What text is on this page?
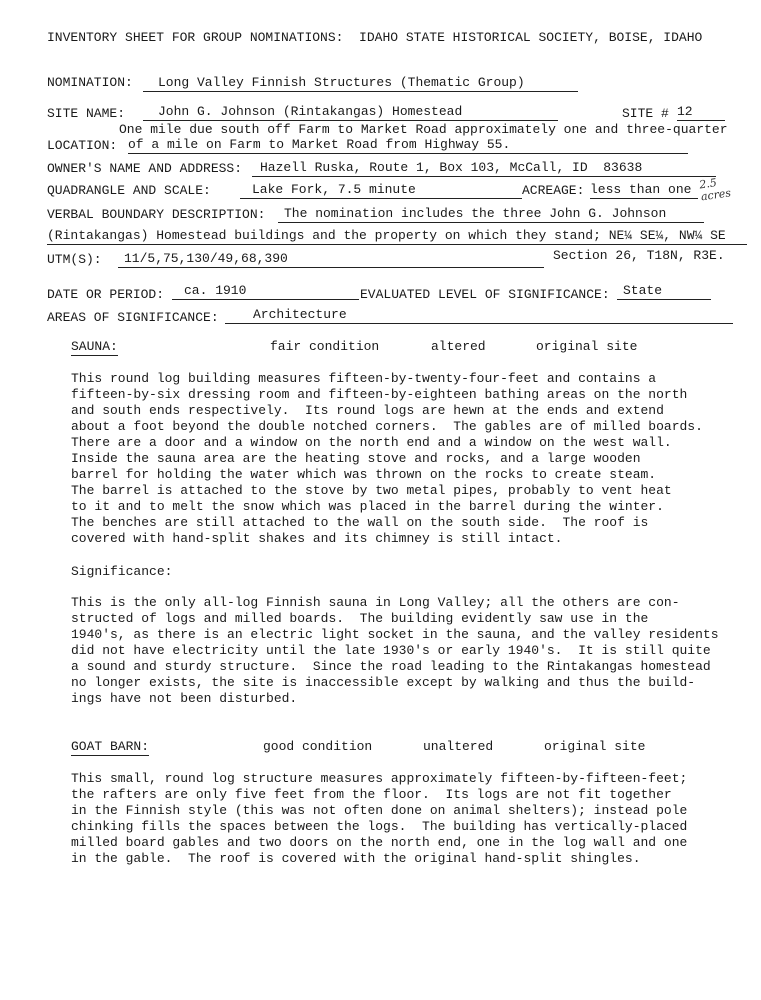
INVENTORY SHEET FOR GROUP NOMINATIONS:  IDAHO STATE HISTORICAL SOCIETY, BOISE, IDAHO
NOMINATION:	Long Valley Finnish Structures (Thematic Group)
SITE NAME:	John G. Johnson (Rintakangas) Homestead	SITE # 12
One mile due south off Farm to Market Road approximately one and three-quarter
LOCATION: of a mile on Farm to Market Road from Highway 55.
OWNER'S NAME AND ADDRESS:	Hazell Ruska, Route 1, Box 103, McCall, ID  83638
QUADRANGLE AND SCALE:	Lake Fork, 7.5 minute	ACREAGE: less than one 2.5 acres
VERBAL BOUNDARY DESCRIPTION:	The nomination includes the three John G. Johnson
(Rintakangas) Homestead buildings and the property on which they stand; NE¼ SE¼, NW¼ SE
UTM(S):	11/5,75,130/49,68,390	Section 26, T18N, R3E.
DATE OR PERIOD:	ca. 1910	EVALUATED LEVEL OF SIGNIFICANCE:	State
AREAS OF SIGNIFICANCE:	Architecture
SAUNA:	fair condition	altered	original site
This round log building measures fifteen-by-twenty-four-feet and contains a
fifteen-by-six dressing room and fifteen-by-eighteen bathing areas on the north
and south ends respectively.  Its round logs are hewn at the ends and extend
about a foot beyond the double notched corners.  The gables are of milled boards.
There are a door and a window on the north end and a window on the west wall.
Inside the sauna area are the heating stove and rocks, and a large wooden
barrel for holding the water which was thrown on the rocks to create steam.
The barrel is attached to the stove by two metal pipes, probably to vent heat
to it and to melt the snow which was placed in the barrel during the winter.
The benches are still attached to the wall on the south side.  The roof is
covered with hand-split shakes and its chimney is still intact.
Significance:
This is the only all-log Finnish sauna in Long Valley; all the others are con-
structed of logs and milled boards.  The building evidently saw use in the
1940's, as there is an electric light socket in the sauna, and the valley residents
did not have electricity until the late 1930's or early 1940's.  It is still quite
a sound and sturdy structure.  Since the road leading to the Rintakangas homestead
no longer exists, the site is inaccessible except by walking and thus the build-
ings have not been disturbed.
GOAT BARN:	good condition	unaltered	original site
This small, round log structure measures approximately fifteen-by-fifteen-feet;
the rafters are only five feet from the floor.  Its logs are not fit together
in the Finnish style (this was not often done on animal shelters); instead pole
chinking fills the spaces between the logs.  The building has vertically-placed
milled board gables and two doors on the north end, one in the log wall and one
in the gable.  The roof is covered with the original hand-split shingles.
